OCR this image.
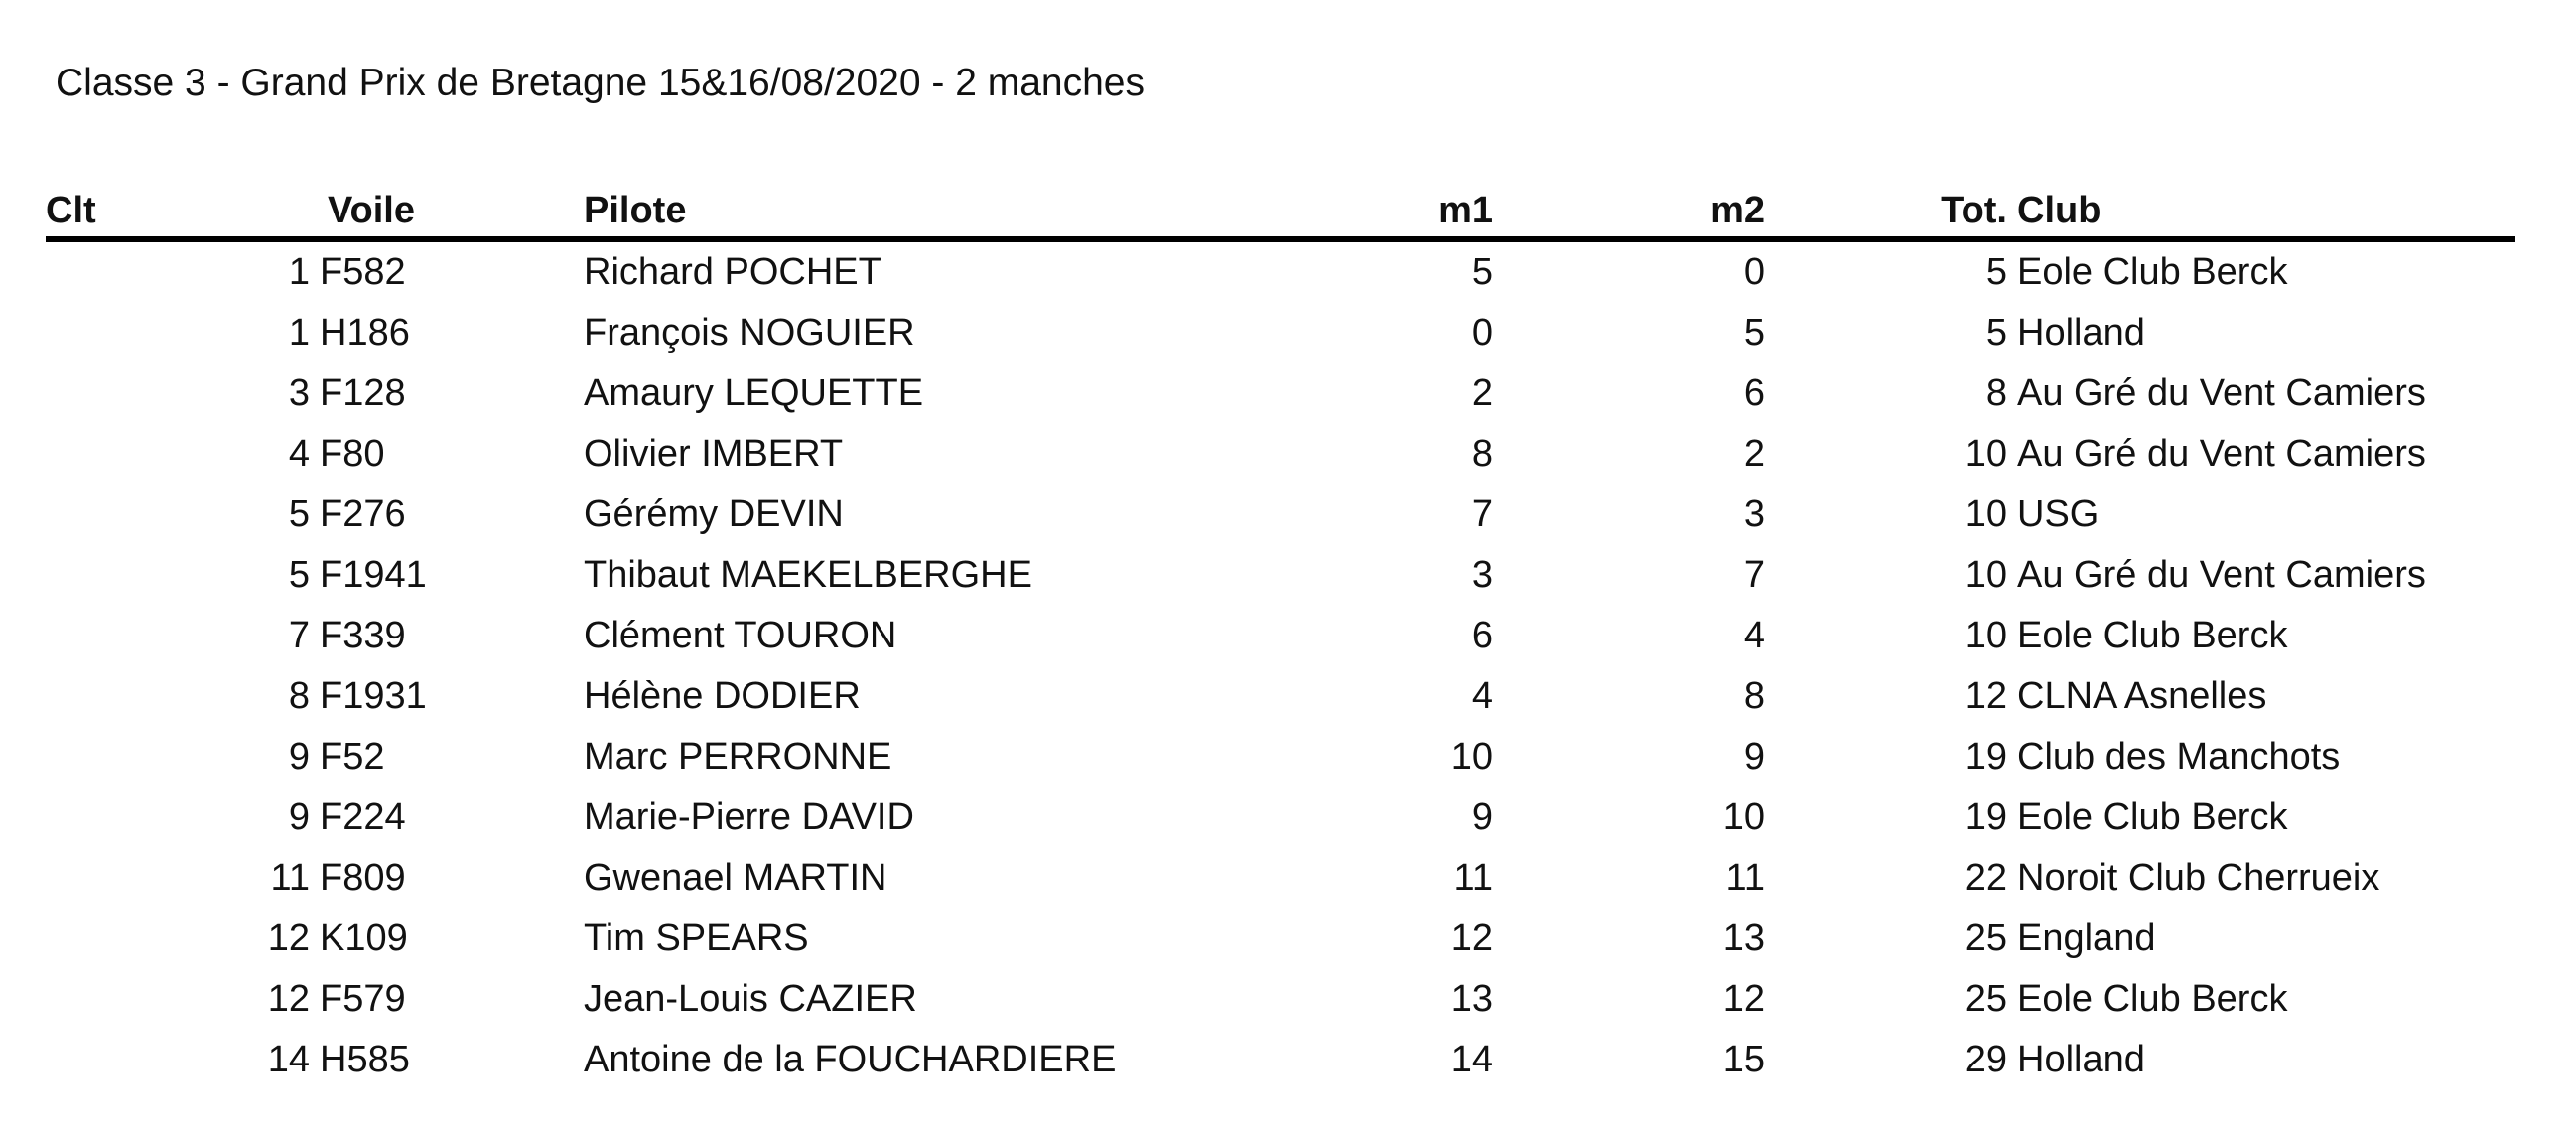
Classe 3 - Grand Prix de Bretagne 15&16/08/2020 - 2 manches
Clt	Voile	Pilote	m1	m2	Tot.	Club
1	F582	Richard POCHET	5	0	5	Eole Club Berck
1	H186	François NOGUIER	0	5	5	Holland
3	F128	Amaury LEQUETTE	2	6	8	Au Gré du Vent Camiers
4	F80	Olivier IMBERT	8	2	10	Au Gré du Vent Camiers
5	F276	Gérémy DEVIN	7	3	10	USG
5	F1941	Thibaut MAEKELBERGHE	3	7	10	Au Gré du Vent Camiers
7	F339	Clément TOURON	6	4	10	Eole Club Berck
8	F1931	Hélène DODIER	4	8	12	CLNA Asnelles
9	F52	Marc PERRONNE	10	9	19	Club des Manchots
9	F224	Marie-Pierre DAVID	9	10	19	Eole Club Berck
11	F809	Gwenael MARTIN	11	11	22	Noroit Club Cherrueix
12	K109	Tim SPEARS	12	13	25	England
12	F579	Jean-Louis CAZIER	13	12	25	Eole Club Berck
14	H585	Antoine de la FOUCHARDIERE	14	15	29	Holland
